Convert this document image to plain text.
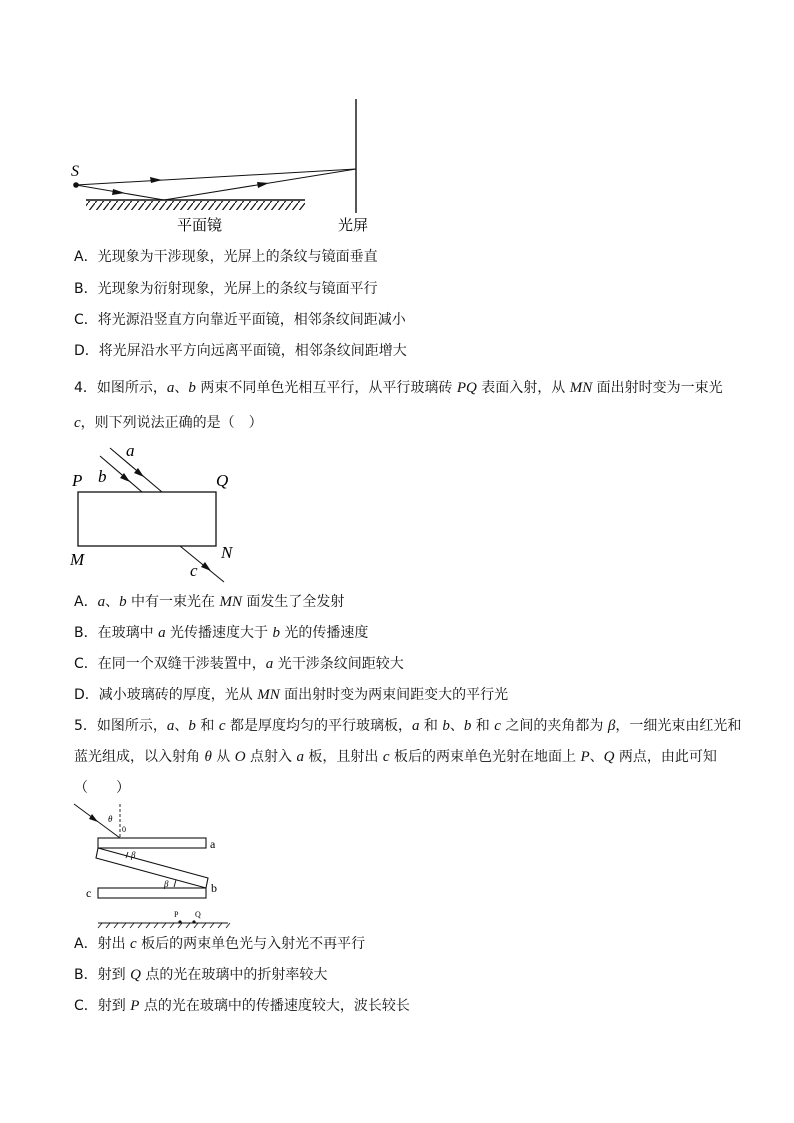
S
平面镜	光屏
A．光现象为干涉现象，光屏上的条纹与镜面垂直
B．光现象为衍射现象，光屏上的条纹与镜面平行
C．将光源沿竖直方向靠近平面镜，相邻条纹间距减小
D．将光屏沿水平方向远离平面镜，相邻条纹间距增大
4．如图所示，a、b 两束不同单色光相互平行，从平行玻璃砖 PQ 表面入射，从 MN 面出射时变为一束光
c，则下列说法正确的是（　）
P	Q
M	N
a
b
c
A．a、b 中有一束光在 MN 面发生了全发射
B．在玻璃中 a 光传播速度大于 b 光的传播速度
C．在同一个双缝干涉装置中，a 光干涉条纹间距较大
D．减小玻璃砖的厚度，光从 MN 面出射时变为两束间距变大的平行光
5．如图所示，a、b 和 c 都是厚度均匀的平行玻璃板，a 和 b、b 和 c 之间的夹角都为 β，一细光束由红光和
蓝光组成，以入射角 θ 从 O 点射入 a 板，且射出 c 板后的两束单色光射在地面上 P、Q 两点，由此可知
（　　）
θ
0
a
b
c
β
β
P Q
A．射出 c 板后的两束单色光与入射光不再平行
B．射到 Q 点的光在玻璃中的折射率较大
C．射到 P 点的光在玻璃中的传播速度较大，波长较长
